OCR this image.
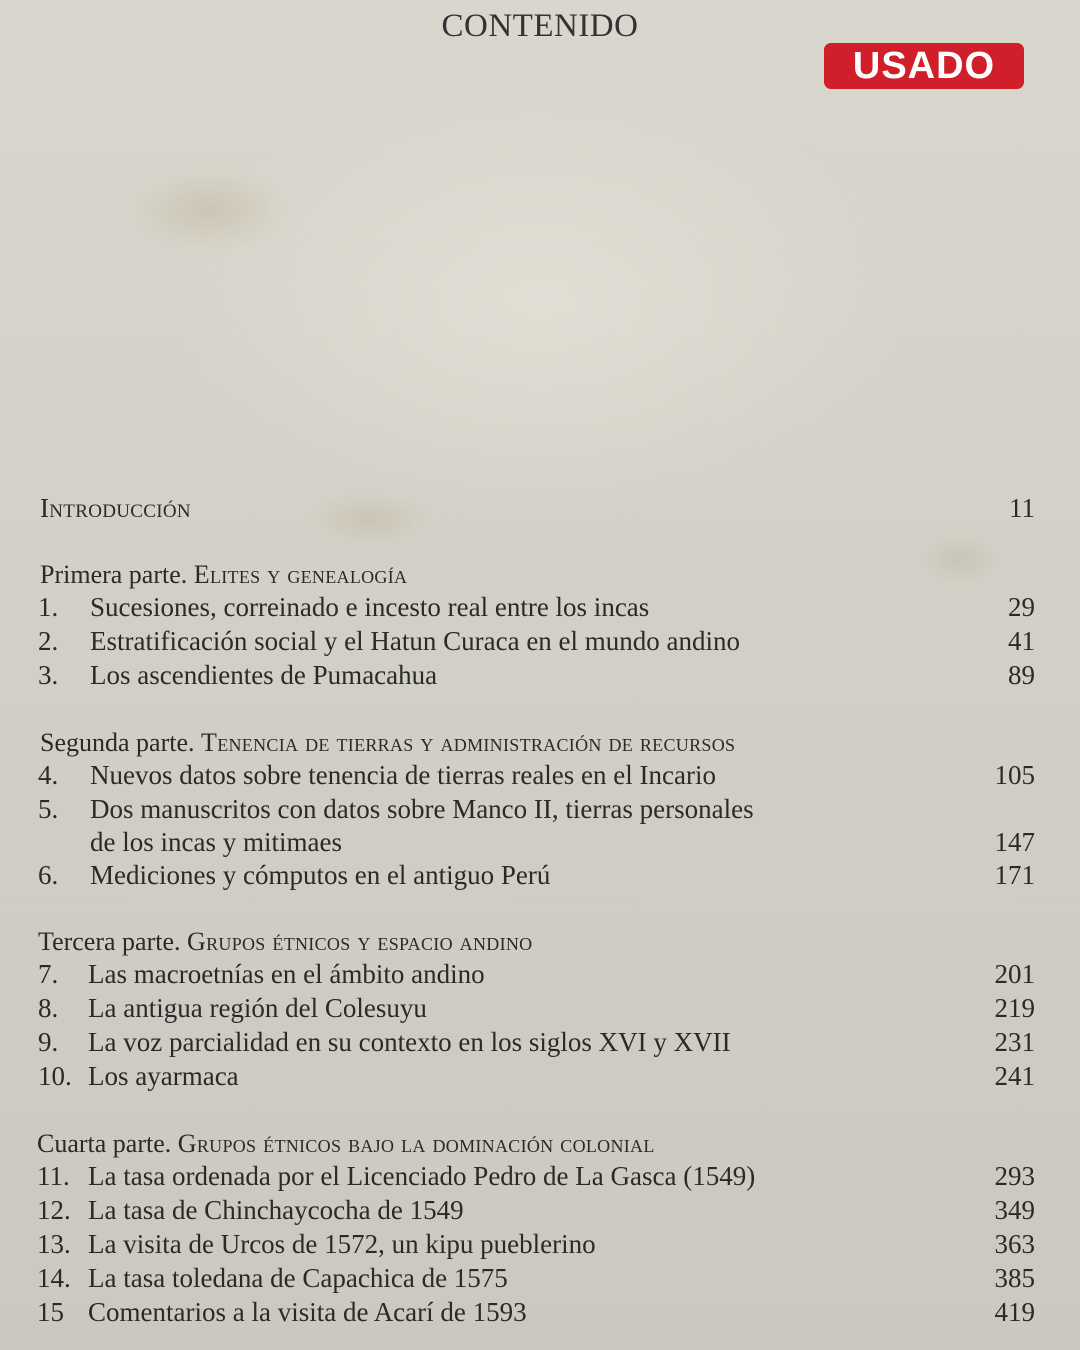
CONTENIDO
USADO
Introducción	11
Primera parte. Elites y genealogía
1. Sucesiones, correinado e incesto real entre los incas	29
2. Estratificación social y el Hatun Curaca en el mundo andino	41
3. Los ascendientes de Pumacahua	89
Segunda parte. Tenencia de tierras y administración de recursos
4. Nuevos datos sobre tenencia de tierras reales en el Incario	105
5. Dos manuscritos con datos sobre Manco II, tierras personales
de los incas y mitimaes	147
6. Mediciones y cómputos en el antiguo Perú	171
Tercera parte. Grupos étnicos y espacio andino
7. Las macroetnías en el ámbito andino	201
8. La antigua región del Colesuyu	219
9. La voz parcialidad en su contexto en los siglos XVI y XVII	231
10. Los ayarmaca	241
Cuarta parte. Grupos étnicos bajo la dominación colonial
11. La tasa ordenada por el Licenciado Pedro de La Gasca (1549)	293
12. La tasa de Chinchaycocha de 1549	349
13. La visita de Urcos de 1572, un kipu pueblerino	363
14. La tasa toledana de Capachica de 1575	385
15 Comentarios a la visita de Acarí de 1593	419
